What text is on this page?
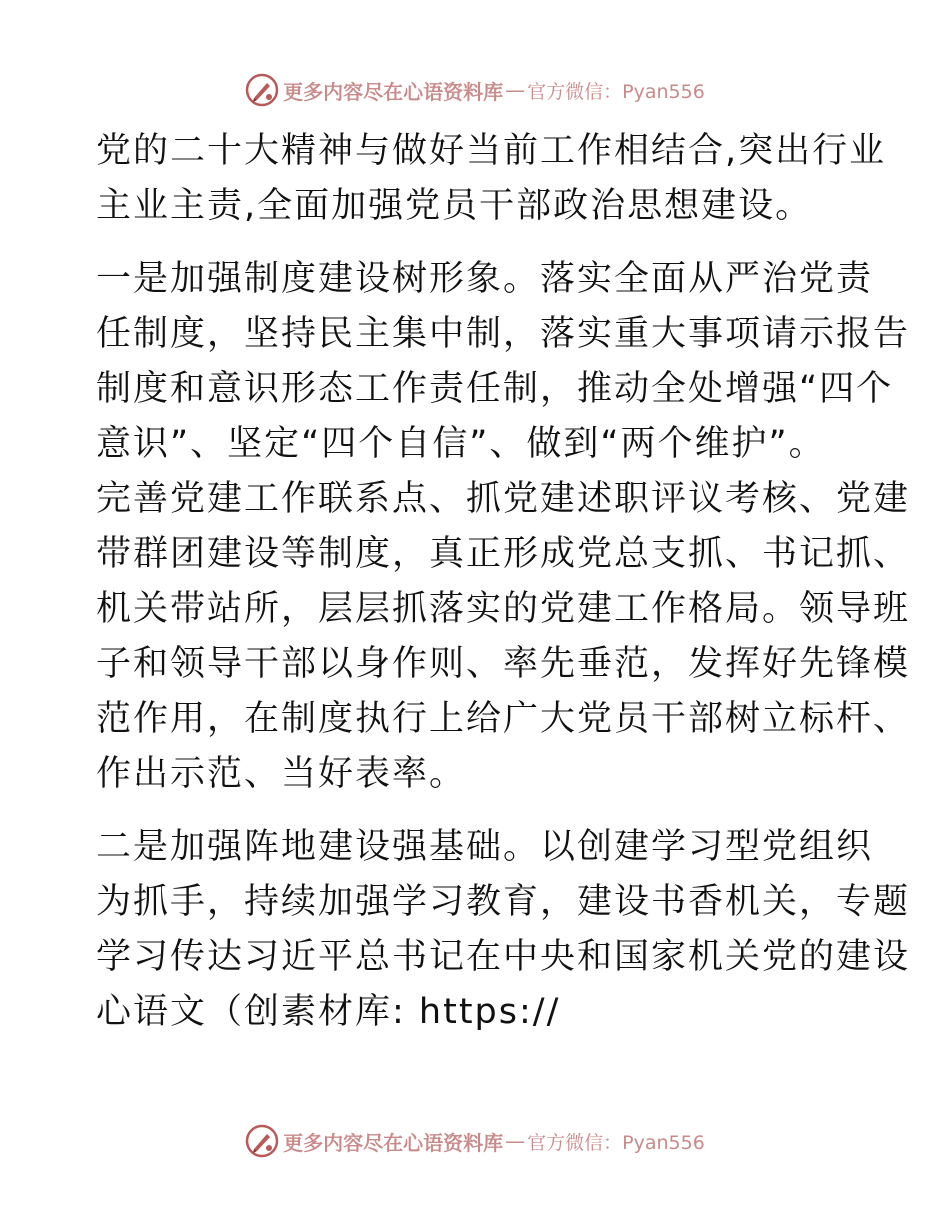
更多内容尽在心语资料库 — 官方微信：Pyan556
党的二十大精神与做好当前工作相结合,突出行业
主业主责,全面加强党员干部政治思想建设。
一是加强制度建设树形象。落实全面从严治党责
任制度，坚持民主集中制，落实重大事项请示报告
制度和意识形态工作责任制，推动全处增强“四个
意识”、坚定“四个自信”、做到“两个维护”。
完善党建工作联系点、抓党建述职评议考核、党建
带群团建设等制度，真正形成党总支抓、书记抓、
机关带站所，层层抓落实的党建工作格局。领导班
子和领导干部以身作则、率先垂范，发挥好先锋模
范作用，在制度执行上给广大党员干部树立标杆、
作出示范、当好表率。
二是加强阵地建设强基础。以创建学习型党组织
为抓手，持续加强学习教育，建设书香机关，专题
学习传达习近平总书记在中央和国家机关党的建设
心语文（创素材库: https://
更多内容尽在心语资料库 — 官方微信：Pyan556
